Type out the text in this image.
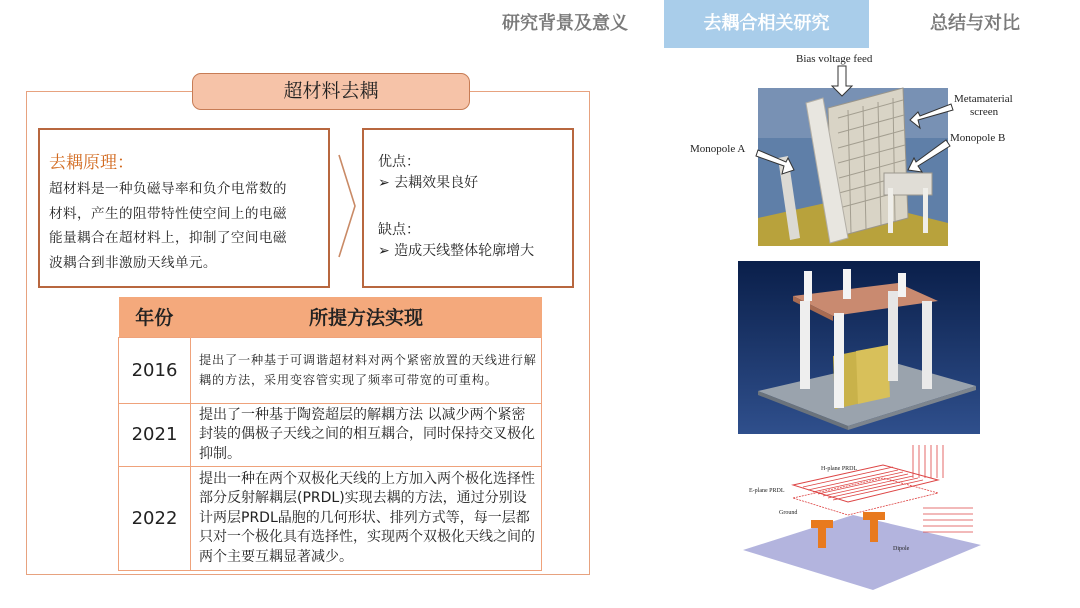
研究背景及意义	去耦合相关研究	总结与对比
超材料去耦
去耦原理：
超材料是一种负磁导率和负介电常数的
材料，产生的阻带特性使空间上的电磁
能量耦合在超材料上，抑制了空间电磁
波耦合到非激励天线单元。
优点：
➢ 去耦效果良好
缺点：
➢ 造成天线整体轮廓增大
年份	所提方法实现
2016	提出了一种基于可调谐超材料对两个紧密放置的天线进行解耦的方法，采用变容管实现了频率可带宽的可重构。
2021	提出了一种基于陶瓷超层的解耦方法 以减少两个紧密封装的偶极子天线之间的相互耦合，同时保持交叉极化抑制。
2022	提出一种在两个双极化天线的上方加入两个极化选择性部分反射解耦层(PRDL)实现去耦的方法，通过分别设计两层PRDL晶胞的几何形状、排列方式等，每一层都只对一个极化具有选择性，实现两个双极化天线之间的两个主要互耦显著减少。
Bias voltage feed
Metamaterial
screen
Monopole B
Monopole A
H-plane PRDL
E-plane PRDL
Ground
Dipole
